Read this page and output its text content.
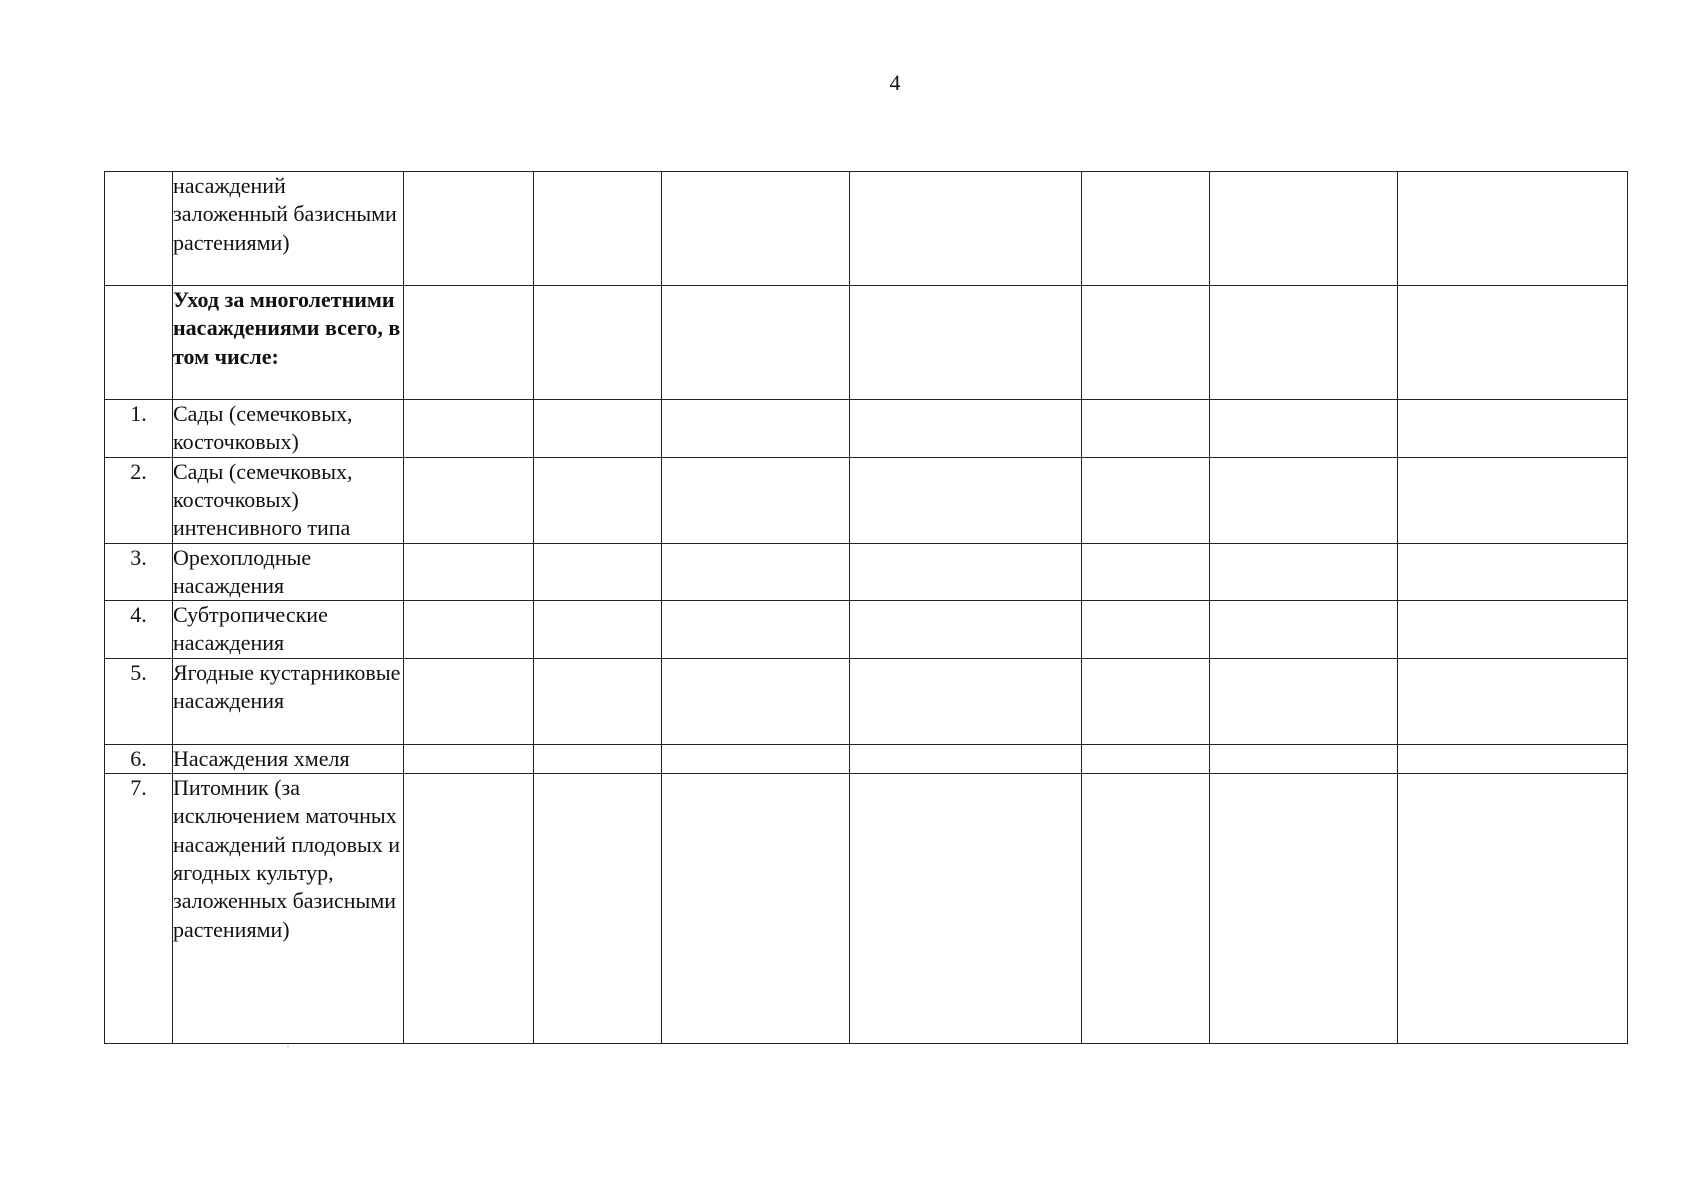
4
	насаждений заложенный базисными растениями)							
	Уход за многолетними насаждениями всего, в том числе:							
1.	Сады (семечковых, косточковых)							
2.	Сады (семечковых, косточковых) интенсивного типа							
3.	Орехоплодные насаждения							
4.	Субтропические насаждения							
5.	Ягодные кустарниковые насаждения							
6.	Насаждения хмеля							
7.	Питомник (за исключением маточных насаждений плодовых и ягодных культур, заложенных базисными растениями)							
